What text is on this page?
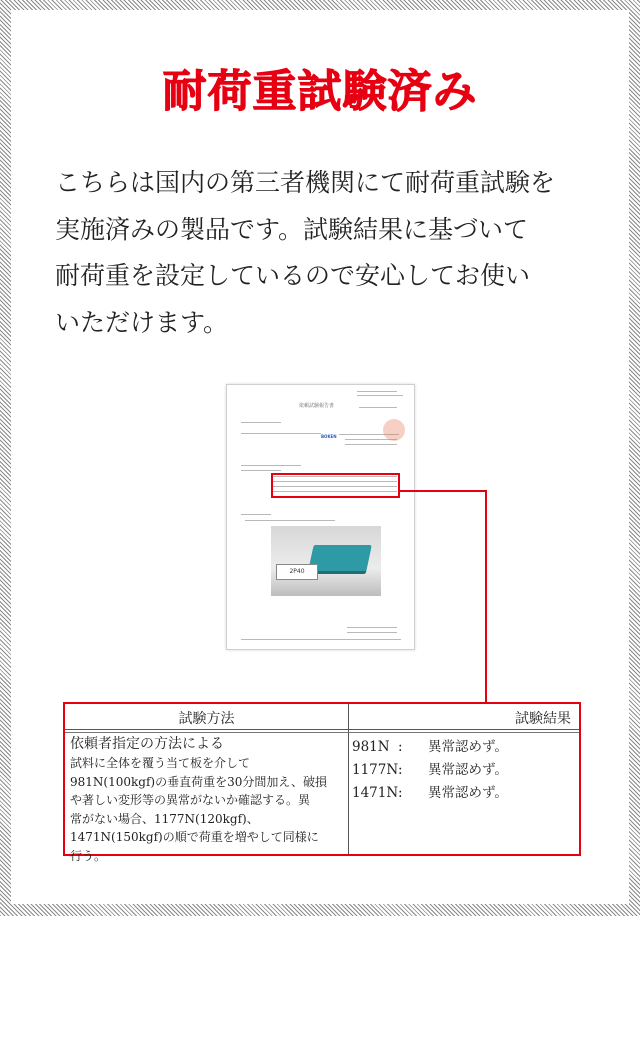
耐荷重試験済み
こちらは国内の第三者機関にて耐荷重試験を
実施済みの製品です。試験結果に基づいて
耐荷重を設定しているので安心してお使い
いただけます。
依頼試験報告書
BOKEN
2P40
試験方法	試験結果
依頼者指定の方法による
試料に全体を覆う当て板を介して
981N(100kgf)の垂直荷重を30分間加え、破損
や著しい変形等の異常がないか確認する。異
常がない場合、1177N(120kgf)、
1471N(150kgf)の順で荷重を増やして同様に
行う。
981N : 異常認めず。
1177N: 異常認めず。
1471N: 異常認めず。
